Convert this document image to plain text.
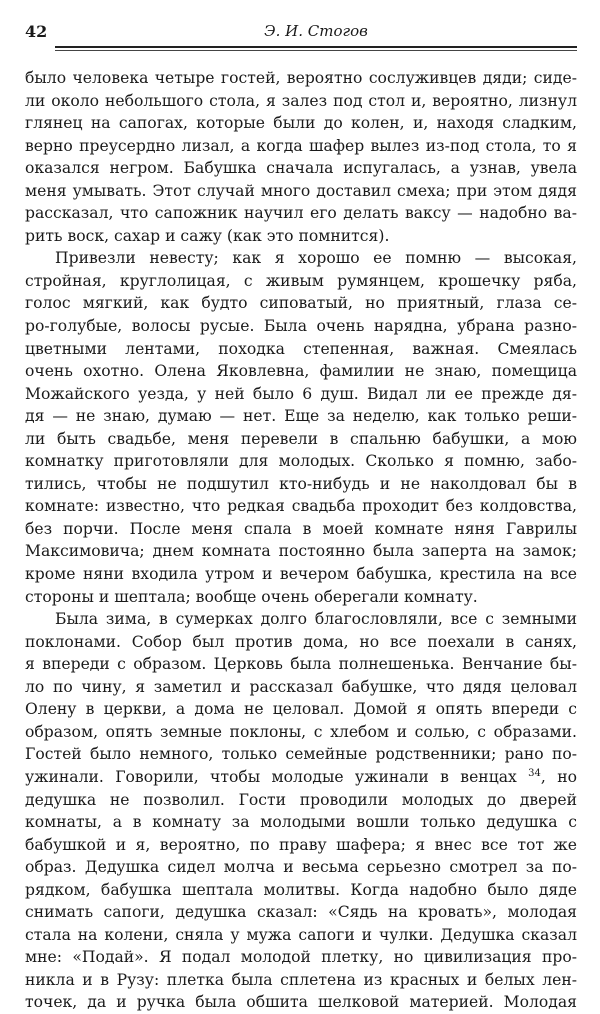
42	Э. И. Стогов
было человека четыре гостей, вероятно сослуживцев дяди; сиде-
ли около небольшого стола, я залез под стол и, вероятно, лизнул
глянец на сапогах, которые были до колен, и, находя сладким,
верно преусердно лизал, а когда шафер вылез из-под стола, то я
оказался негром. Бабушка сначала испугалась, а узнав, увела
меня умывать. Этот случай много доставил смеха; при этом дядя
рассказал, что сапожник научил его делать ваксу — надобно ва-
рить воск, сахар и сажу (как это помнится).
Привезли невесту; как я хорошо ее помню — высокая,
стройная, круглолицая, с живым румянцем, крошечку ряба,
голос мягкий, как будто сиповатый, но приятный, глаза се-
ро-голубые, волосы русые. Была очень нарядна, убрана разно-
цветными лентами, походка степенная, важная. Смеялась
очень охотно. Олена Яковлевна, фамилии не знаю, помещица
Можайского уезда, у ней было 6 душ. Видал ли ее прежде дя-
дя — не знаю, думаю — нет. Еще за неделю, как только реши-
ли быть свадьбе, меня перевели в спальню бабушки, а мою
комнатку приготовляли для молодых. Сколько я помню, забо-
тились, чтобы не подшутил кто-нибудь и не наколдовал бы в
комнате: известно, что редкая свадьба проходит без колдовства,
без порчи. После меня спала в моей комнате няня Гаврилы
Максимовича; днем комната постоянно была заперта на замок;
кроме няни входила утром и вечером бабушка, крестила на все
стороны и шептала; вообще очень оберегали комнату.
Была зима, в сумерках долго благословляли, все с земными
поклонами. Собор был против дома, но все поехали в санях,
я впереди с образом. Церковь была полнешенька. Венчание бы-
ло по чину, я заметил и рассказал бабушке, что дядя целовал
Олену в церкви, а дома не целовал. Домой я опять впереди с
образом, опять земные поклоны, с хлебом и солью, с образами.
Гостей было немного, только семейные родственники; рано по-
ужинали. Говорили, чтобы молодые ужинали в венцах $^{34}$, но
дедушка не позволил. Гости проводили молодых до дверей
комнаты, а в комнату за молодыми вошли только дедушка с
бабушкой и я, вероятно, по праву шафера; я внес все тот же
образ. Дедушка сидел молча и весьма серьезно смотрел за по-
рядком, бабушка шептала молитвы. Когда надобно было дяде
снимать сапоги, дедушка сказал: «Сядь на кровать», молодая
стала на колени, сняла у мужа сапоги и чулки. Дедушка сказал
мне: «Подай». Я подал молодой плетку, но цивилизация про-
никла и в Рузу: плетка была сплетена из красных и белых лен-
точек, да и ручка была обшита шелковой материей. Молодая
